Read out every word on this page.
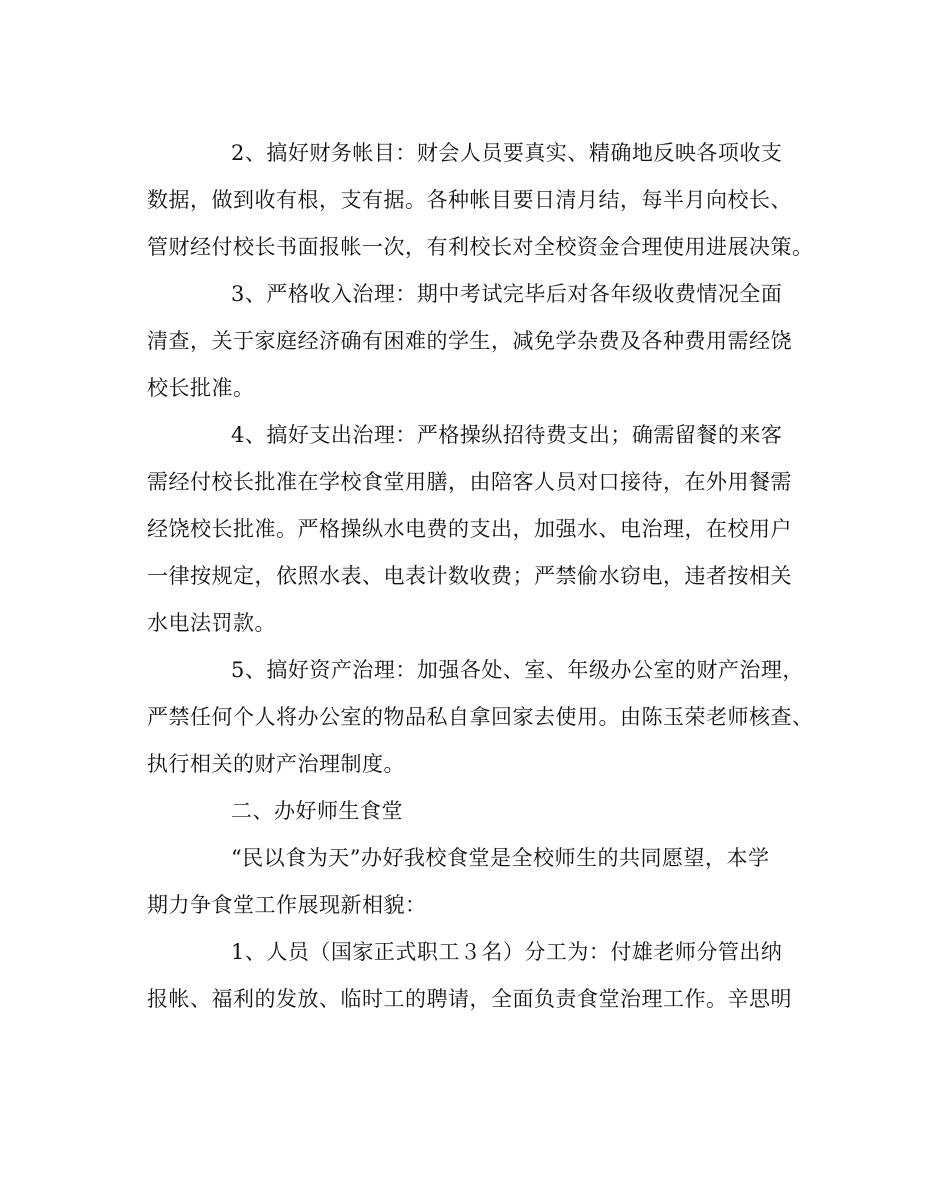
2、搞好财务帐目：财会人员要真实、精确地反映各项收支
数据，做到收有根，支有据。各种帐目要日清月结，每半月向校长、
管财经付校长书面报帐一次，有利校长对全校资金合理使用进展决策。
3、严格收入治理：期中考试完毕后对各年级收费情况全面
清查，关于家庭经济确有困难的学生，减免学杂费及各种费用需经饶
校长批准。
4、搞好支出治理：严格操纵招待费支出；确需留餐的来客
需经付校长批准在学校食堂用膳，由陪客人员对口接待，在外用餐需
经饶校长批准。严格操纵水电费的支出，加强水、电治理，在校用户
一律按规定，依照水表、电表计数收费；严禁偷水窃电，违者按相关
水电法罚款。
5、搞好资产治理：加强各处、室、年级办公室的财产治理，
严禁任何个人将办公室的物品私自拿回家去使用。由陈玉荣老师核查、
执行相关的财产治理制度。
二、办好师生食堂
“民以食为天”办好我校食堂是全校师生的共同愿望，本学
期力争食堂工作展现新相貌：
1、人员（国家正式职工３名）分工为：付雄老师分管出纳
报帐、福利的发放、临时工的聘请，全面负责食堂治理工作。辛思明
